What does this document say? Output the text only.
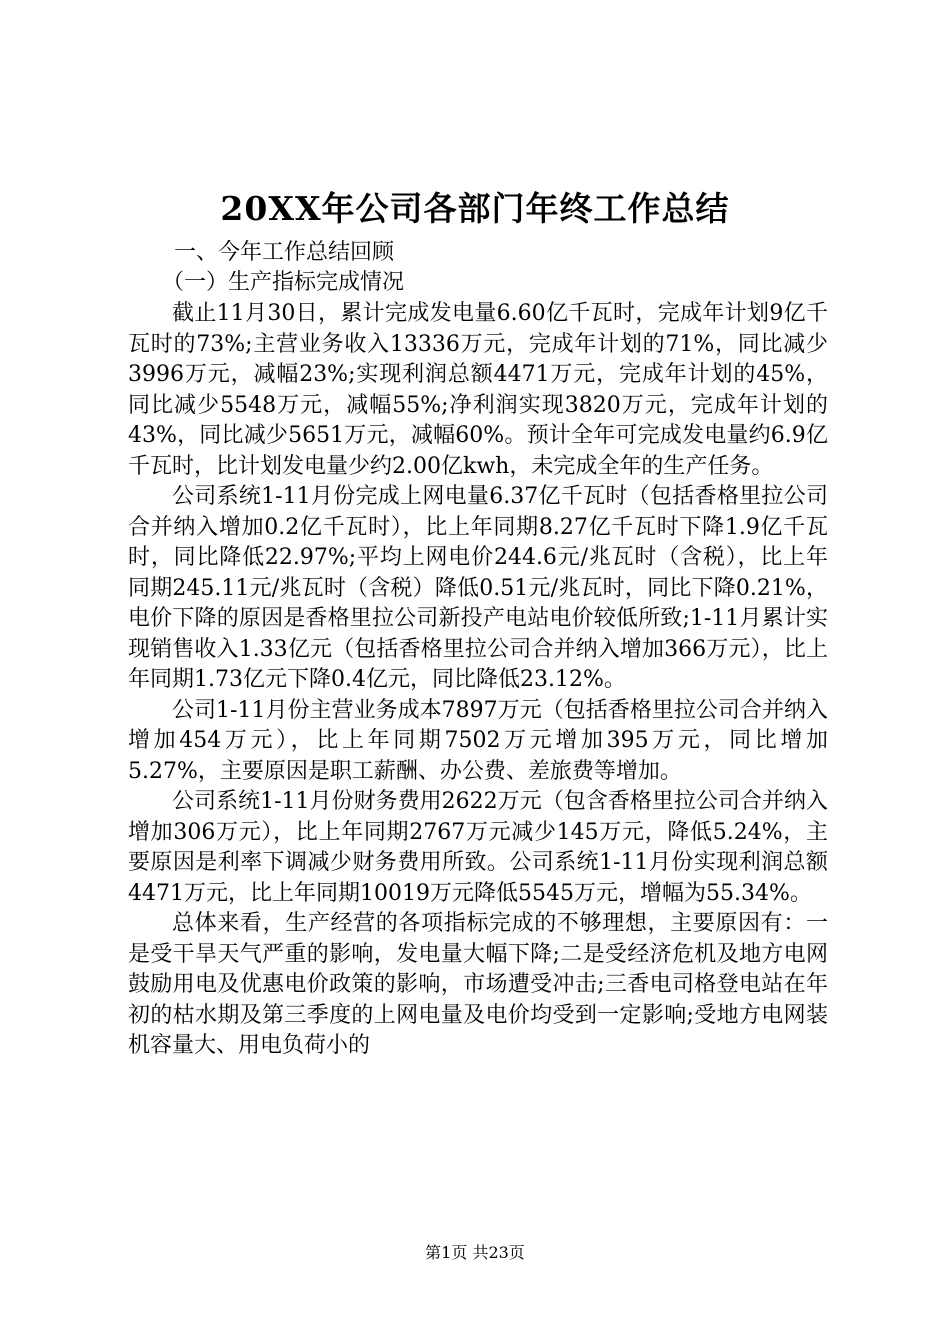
20XX年公司各部门年终工作总结

一、今年工作总结回顾

（一）生产指标完成情况

截止11月30日，累计完成发电量6.60亿千瓦时，完成年计划9亿千瓦时的73%;主营业务收入13336万元，完成年计划的71%，同比减少3996万元，减幅23%;实现利润总额4471万元，完成年计划的45%，同比减少5548万元，减幅55%;净利润实现3820万元，完成年计划的43%，同比减少5651万元，减幅60%。预计全年可完成发电量约6.9亿千瓦时，比计划发电量少约2.00亿kwh，未完成全年的生产任务。

公司系统1-11月份完成上网电量6.37亿千瓦时（包括香格里拉公司合并纳入增加0.2亿千瓦时），比上年同期8.27亿千瓦时下降1.9亿千瓦时，同比降低22.97%;平均上网电价244.6元/兆瓦时（含税），比上年同期245.11元/兆瓦时（含税）降低0.51元/兆瓦时，同比下降0.21%，电价下降的原因是香格里拉公司新投产电站电价较低所致;1-11月累计实现销售收入1.33亿元（包括香格里拉公司合并纳入增加366万元），比上年同期1.73亿元下降0.4亿元，同比降低23.12%。

公司1-11月份主营业务成本7897万元（包括香格里拉公司合并纳入增加454万元），比上年同期7502万元增加395万元，同比增加5.27%，主要原因是职工薪酬、办公费、差旅费等增加。

公司系统1-11月份财务费用2622万元（包含香格里拉公司合并纳入增加306万元），比上年同期2767万元减少145万元，降低5.24%，主要原因是利率下调减少财务费用所致。公司系统1-11月份实现利润总额4471万元，比上年同期10019万元降低5545万元，增幅为55.34%。

总体来看，生产经营的各项指标完成的不够理想，主要原因有：一是受干旱天气严重的影响，发电量大幅下降;二是受经济危机及地方电网鼓励用电及优惠电价政策的影响，市场遭受冲击;三香电司格登电站在年初的枯水期及第三季度的上网电量及电价均受到一定影响;受地方电网装机容量大、用电负荷小的

第1页 共23页
